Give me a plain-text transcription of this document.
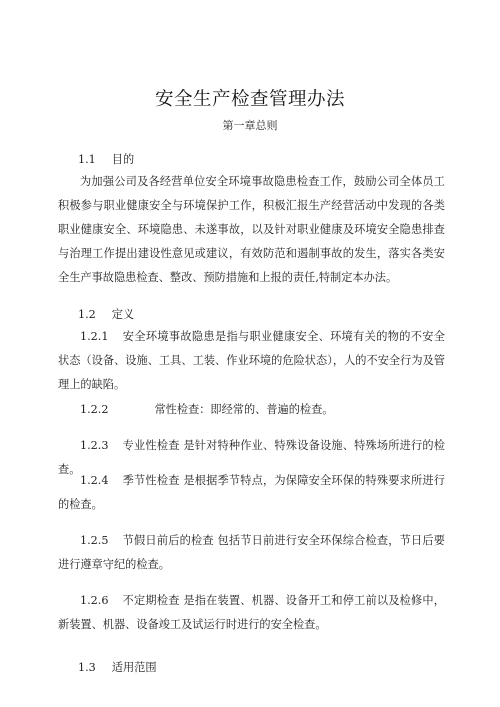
安全生产检查管理办法
第一章总则
1.1 目的
为加强公司及各经营单位安全环境事故隐患检查工作，鼓励公司全体员工积极参与职业健康安全与环境保护工作，积极汇报生产经营活动中发现的各类职业健康安全、环境隐患、未遂事故，以及针对职业健康及环境安全隐患排查与治理工作提出建设性意见或建议，有效防范和遏制事故的发生，落实各类安全生产事故隐患检查、整改、预防措施和上报的责任,特制定本办法。
1.2 定义
1.2.1 安全环境事故隐患是指与职业健康安全、环境有关的物的不安全状态（设备、设施、工具、工装、作业环境的危险状态），人的不安全行为及管理上的缺陷。
1.2.2	常性检查：即经常的、普遍的检查。
1.2.3 专业性检查 是针对特种作业、特殊设备设施、特殊场所进行的检查。
1.2.4 季节性检查 是根据季节特点，为保障安全环保的特殊要求所进行的检查。
1.2.5 节假日前后的检查 包括节日前进行安全环保综合检查，节日后要进行遵章守纪的检查。
1.2.6 不定期检查 是指在装置、机器、设备开工和停工前以及检修中，新装置、机器、设备竣工及试运行时进行的安全检查。
1.3 适用范围
